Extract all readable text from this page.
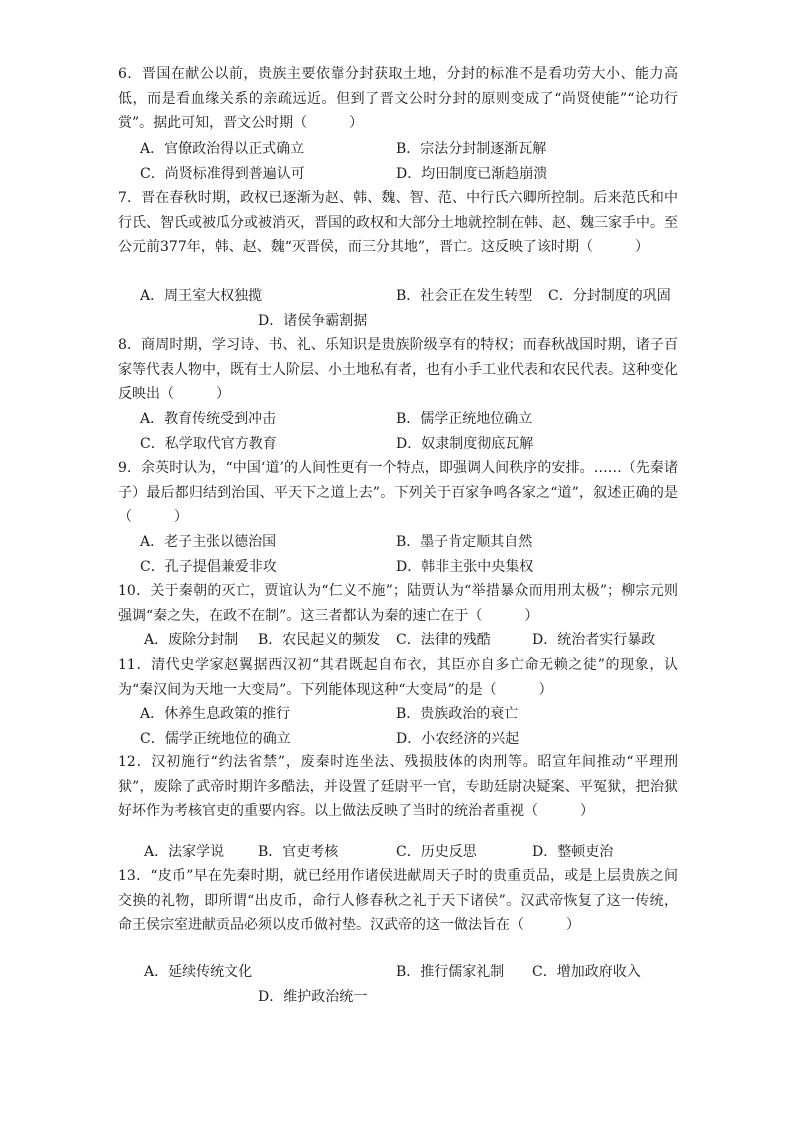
6．晋国在献公以前，贵族主要依靠分封获取土地，分封的标准不是看功劳大小、能力高低，而是看血缘关系的亲疏远近。但到了晋文公时分封的原则变成了“尚贤使能”“论功行赏”。据此可知，晋文公时期（　　　）

A．官僚政治得以正式确立	B．宗法分封制逐渐瓦解
C．尚贤标准得到普遍认可	D．均田制度已渐趋崩溃

7．晋在春秋时期，政权已逐渐为赵、韩、魏、智、范、中行氏六卿所控制。后来范氏和中行氏、智氏或被瓜分或被消灭，晋国的政权和大部分土地就控制在韩、赵、魏三家手中。至公元前377年，韩、赵、魏“灭晋侯，而三分其地”，晋亡。这反映了该时期（　　　）

A．周王室大权独揽	B．社会正在发生转型 C．分封制度的巩固
D．诸侯争霸割据

8．商周时期，学习诗、书、礼、乐知识是贵族阶级享有的特权；而春秋战国时期，诸子百家等代表人物中，既有士人阶层、小土地私有者，也有小手工业代表和农民代表。这种变化反映出（　　　）

A．教育传统受到冲击	B．儒学正统地位确立
C．私学取代官方教育	D．奴隶制度彻底瓦解

9．余英时认为，“中国‘道’的人间性更有一个特点，即强调人间秩序的安排。……（先秦诸子）最后都归结到治国、平天下之道上去”。下列关于百家争鸣各家之“道”，叙述正确的是（　　　）

A．老子主张以德治国	B．墨子肯定顺其自然
C．孔子提倡兼爱非攻	D．韩非主张中央集权

10．关于秦朝的灭亡，贾谊认为“仁义不施”；陆贾认为“举措暴众而用刑太极”；柳宗元则强调“秦之失，在政不在制”。这三者都认为秦的速亡在于（　　　）

A．废除分封制 B．农民起义的频发 C．法律的残酷	D．统治者实行暴政

11．清代史学家赵翼据西汉初“其君既起自布衣，其臣亦自多亡命无赖之徒”的现象，认为“秦汉间为天地一大变局”。下列能体现这种“大变局”的是（　　　）

A．休养生息政策的推行	B．贵族政治的衰亡
C．儒学正统地位的确立	D．小农经济的兴起

12．汉初施行“约法省禁”，废秦时连坐法、残损肢体的肉刑等。昭宣年间推动“平理刑狱”，废除了武帝时期许多酷法，并设置了廷尉平一官，专助廷尉决疑案、平冤狱，把治狱好坏作为考核官吏的重要内容。以上做法反映了当时的统治者重视（　　　）

A．法家学说 B．官吏考核	C．历史反思	D．整顿吏治

13．“皮币”早在先秦时期，就已经用作诸侯进献周天子时的贵重贡品，或是上层贵族之间交换的礼物，即所谓“出皮币，命行人修春秋之礼于天下诸侯”。汉武帝恢复了这一传统，命王侯宗室进献贡品必须以皮币做衬垫。汉武帝的这一做法旨在（　　　）

A．延续传统文化	B．推行儒家礼制 C．增加政府收入
D．维护政治统一
